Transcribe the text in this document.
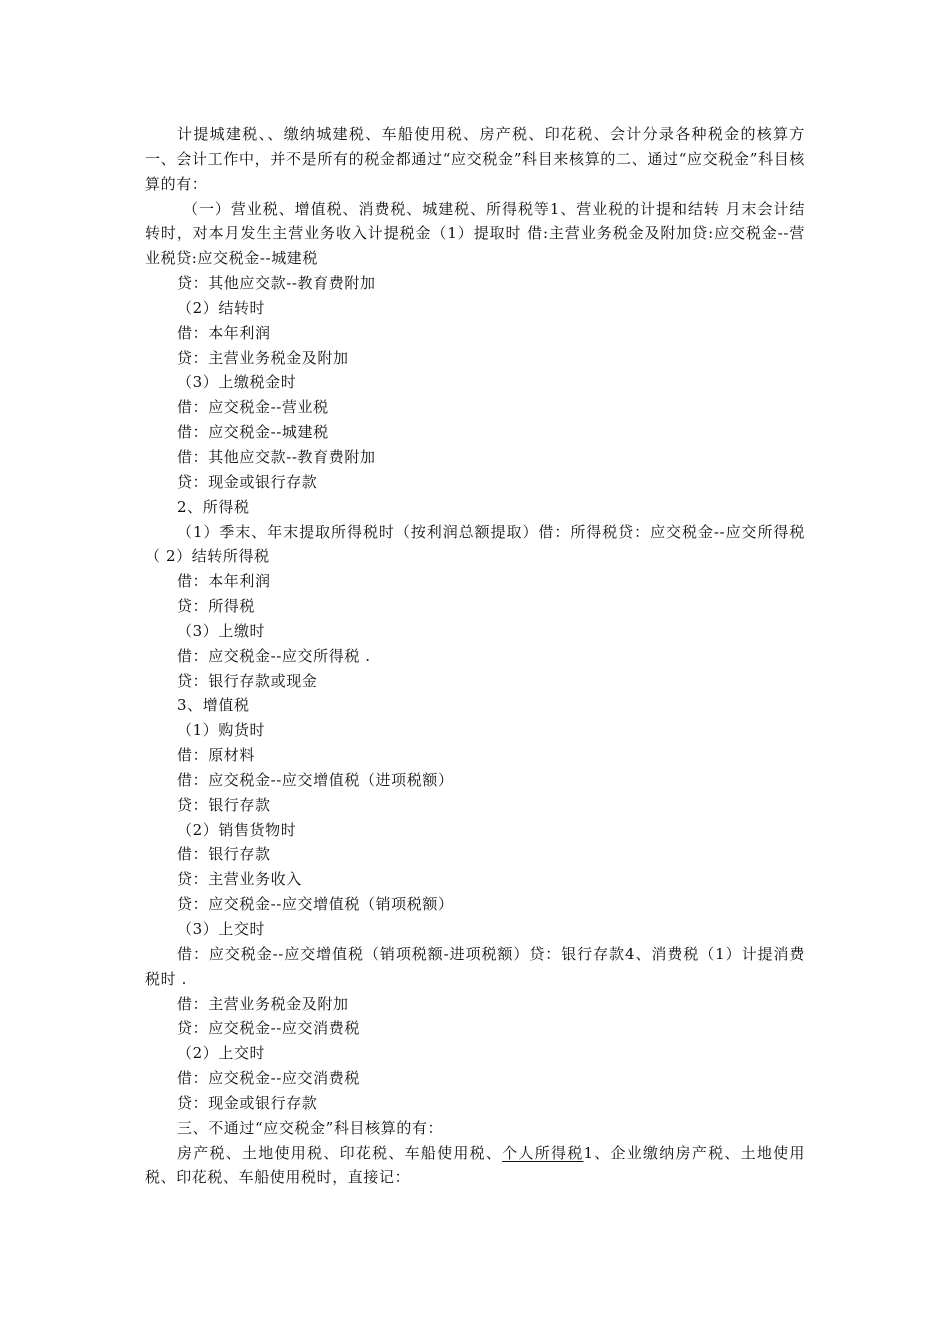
计提城建税、、缴纳城建税、车船使用税、房产税、印花税、会计分录各种税金的核算方一、会计工作中，并不是所有的税金都通过“应交税金”科目来核算的二、通过“应交税金”科目核算的有：

（一）营业税、增值税、消费税、城建税、所得税等1、营业税的计提和结转 月末会计结转时，对本月发生主营业务收入计提税金（1）提取时 借:主营业务税金及附加贷:应交税金--营业税贷:应交税金--城建税

贷：其他应交款--教育费附加

（2）结转时

借：本年利润

贷：主营业务税金及附加

（3）上缴税金时

借：应交税金--营业税

借：应交税金--城建税

借：其他应交款--教育费附加

贷：现金或银行存款

2、所得税

（1）季末、年末提取所得税时（按利润总额提取）借：所得税贷：应交税金--应交所得税（ 2）结转所得税

借：本年利润

贷：所得税

（3）上缴时

借：应交税金--应交所得税 .

贷：银行存款或现金

3、增值税

（1）购货时

借：原材料

借：应交税金--应交增值税（进项税额）

贷：银行存款

（2）销售货物时

借：银行存款

贷：主营业务收入

贷：应交税金--应交增值税（销项税额）

（3）上交时

借：应交税金--应交增值税（销项税额-进项税额）贷：银行存款4、消费税（1）计提消费税时 .

借：主营业务税金及附加

贷：应交税金--应交消费税

（2）上交时

借：应交税金--应交消费税

贷：现金或银行存款

三、不通过“应交税金”科目核算的有：

房产税、土地使用税、印花税、车船使用税、个人所得税1、企业缴纳房产税、土地使用税、印花税、车船使用税时，直接记：
